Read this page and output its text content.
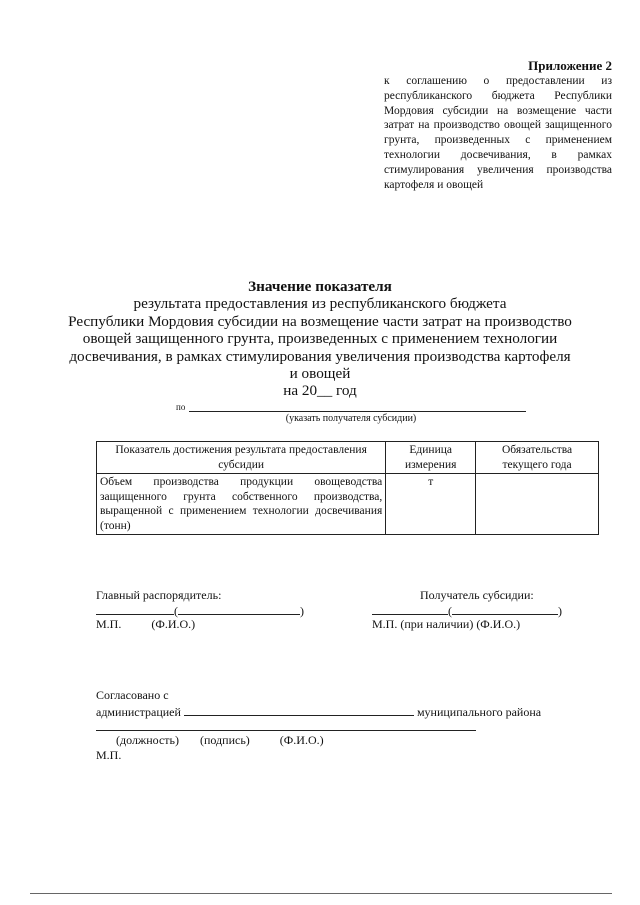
Приложение 2
к соглашению о предоставлении из республиканского бюджета Республики Мордовия субсидии на возмещение части затрат на производство овощей защищенного грунта, произведенных с применением технологии досвечивания, в рамках стимулирования увеличения производства картофеля и овощей
Значение показателя
результата предоставления из республиканского бюджета
Республики Мордовия субсидии на возмещение части затрат на производство
овощей защищенного грунта, произведенных с применением технологии
досвечивания, в рамках стимулирования увеличения производства картофеля
и овощей
на 20__ год
по
(указать получателя субсидии)
Показатель достижения результата предоставления субсидии	Единица измерения	Обязательства текущего года
Объем производства продукции овощеводства защищенного грунта собственного производства, выращенной с применением технологии досвечивания (тонн)	т	
Главный распорядитель:
(	)
М.П.          (Ф.И.О.)
Получатель субсидии:
(	)
М.П. (при наличии) (Ф.И.О.)
Согласовано с
администрацией	муниципального района
(должность)       (подпись)          (Ф.И.О.)
М.П.
